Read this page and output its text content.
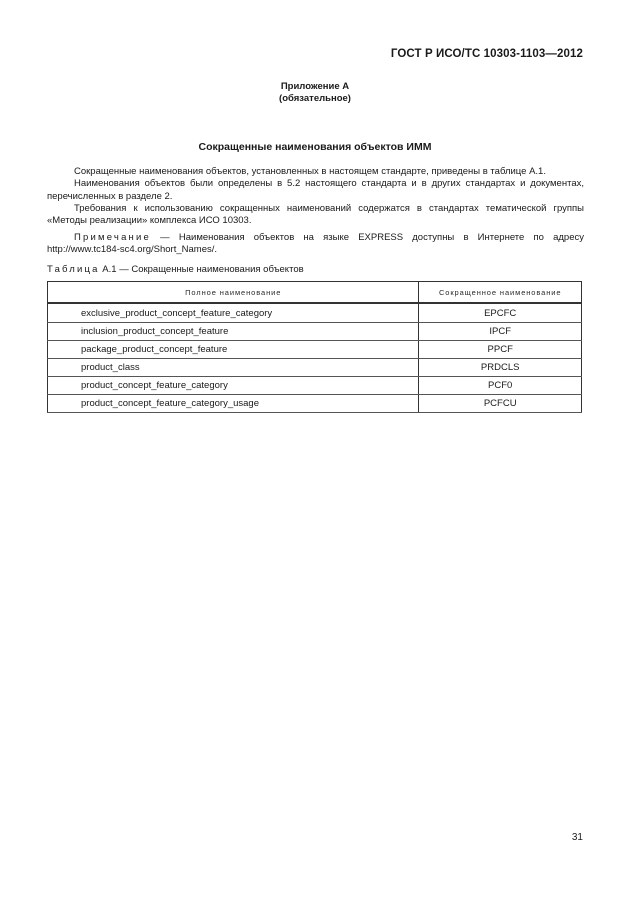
ГОСТ Р ИСО/ТС 10303-1103—2012
Приложение А
(обязательное)
Сокращенные наименования объектов ИММ

Сокращенные наименования объектов, установленных в настоящем стандарте, приведены в таблице А.1.

Наименования объектов были определены в 5.2 настоящего стандарта и в других стандартах и документах, перечисленных в разделе 2.

Требования к использованию сокращенных наименований содержатся в стандартах тематической группы «Методы реализации» комплекса ИСО 10303.

Примечание — Наименования объектов на языке EXPRESS доступны в Интернете по адресу http://www.tc184-sc4.org/Short_Names/.

Таблица А.1 — Сокращенные наименования объектов
Полное наименование	Сокращенное наименование
exclusive_product_concept_feature_category	EPCFC
inclusion_product_concept_feature	IPCF
package_product_concept_feature	PPCF
product_class	PRDCLS
product_concept_feature_category	PCF0
product_concept_feature_category_usage	PCFCU
31
